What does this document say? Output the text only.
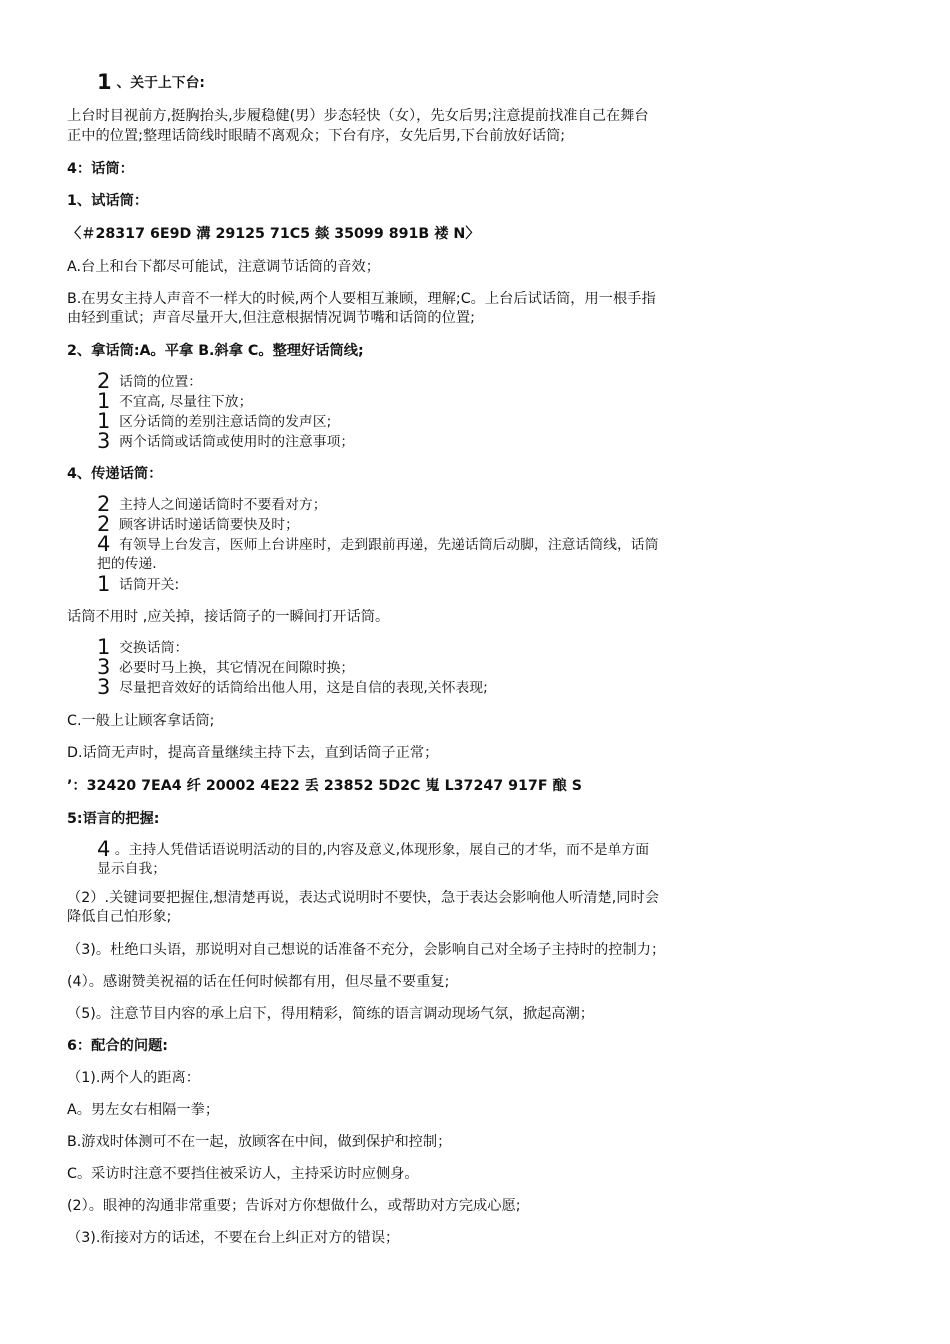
1 、关于上下台:
上台时目视前方,挺胸抬头,步履稳健(男）步态轻快（女），先女后男;注意提前找准自己在舞台
正中的位置;整理话筒线时眼睛不离观众；下台有序，女先后男,下台前放好话筒;
4：话筒：
1、试话筒：
〈＃28317 6E9D 溝 29125 71C5 燅 35099 891B 褛 N〉
A.台上和台下都尽可能试，注意调节话筒的音效；
B.在男女主持人声音不一样大的时候,两个人要相互兼顾，理解;C。上台后试话筒，用一根手指
由轻到重试；声音尽量开大,但注意根据情况调节嘴和话筒的位置;
2、拿话筒:A。平拿 B.斜拿 C。整理好话筒线;
2 话筒的位置：
1 不宜高, 尽量往下放；
1 区分话筒的差别注意话筒的发声区;
3 两个话筒或话筒或使用时的注意事项；
4、传递话筒：
2 主持人之间递话筒时不要看对方；
2 顾客讲话时递话筒要快及时；
4 有领导上台发言，医师上台讲座时，走到跟前再递，先递话筒后动脚，注意话筒线，话筒
把的传递.
1 话筒开关:
话筒不用时 ,应关掉，接话筒子的一瞬间打开话筒。
1 交换话筒：
3 必要时马上换，其它情况在间隙时换；
3 尽量把音效好的话筒给出他人用，这是自信的表现,关怀表现;
C.一般上让顾客拿话筒;
D.话筒无声时，提高音量继续主持下去，直到话筒子正常；
’：32420 7EA4 纤 20002 4E22 丢 23852 5D2C 嵬 L37247 917F 酿 S
5:语言的把握:
4 。主持人凭借话语说明活动的目的,内容及意义,体现形象，展自己的才华，而不是单方面
显示自我；
（2）.关键词要把握住,想清楚再说，表达式说明时不要快，急于表达会影响他人听清楚,同时会
降低自己怕形象;
（3)。杜绝口头语，那说明对自己想说的话准备不充分，会影响自己对全场子主持时的控制力；
(4）。感谢赞美祝福的话在任何时候都有用，但尽量不要重复;
（5)。注意节目内容的承上启下，得用精彩，简练的语言调动现场气氛，掀起高潮；
6：配合的问题:
（1).两个人的距离：
A。男左女右相隔一拳；
B.游戏时体测可不在一起，放顾客在中间，做到保护和控制；
C。采访时注意不要挡住被采访人，主持采访时应侧身。
(2）。眼神的沟通非常重要；告诉对方你想做什么，或帮助对方完成心愿;
（3).衔接对方的话述，不要在台上纠正对方的错误；
